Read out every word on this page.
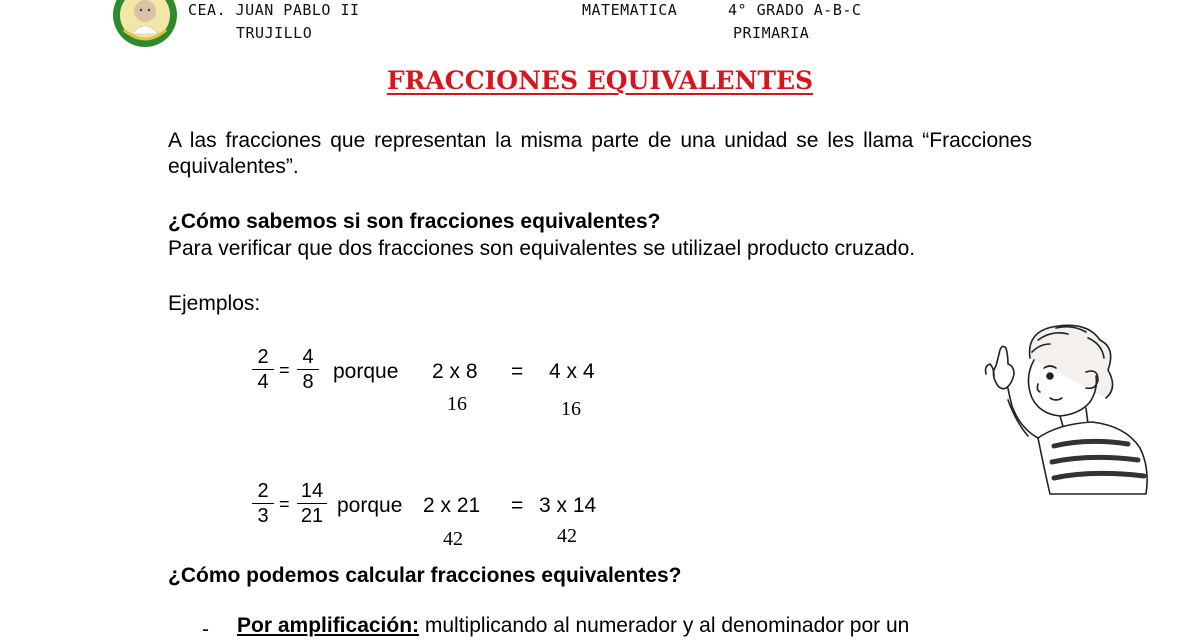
CEA. JUAN PABLO II
TRUJILLO
MATEMATICA	4° GRADO A-B-C
PRIMARIA
FRACCIONES EQUIVALENTES
A las fracciones que representan la misma parte de una unidad se les llama “Fracciones equivalentes”.
¿Cómo sabemos si son fracciones equivalentes?
Para verificar que dos fracciones son equivalentes se utilizael producto cruzado.
Ejemplos:
$\frac{2}{4} = \frac{4}{8}$ porque 2 x 8 = 4 x 4
16	16
$\frac{2}{3} = \frac{14}{21}$ porque 2 x 21 = 3 x 14
42	42
¿Cómo podemos calcular fracciones equivalentes?
- Por amplificación: multiplicando al numerador y al denominador por un
